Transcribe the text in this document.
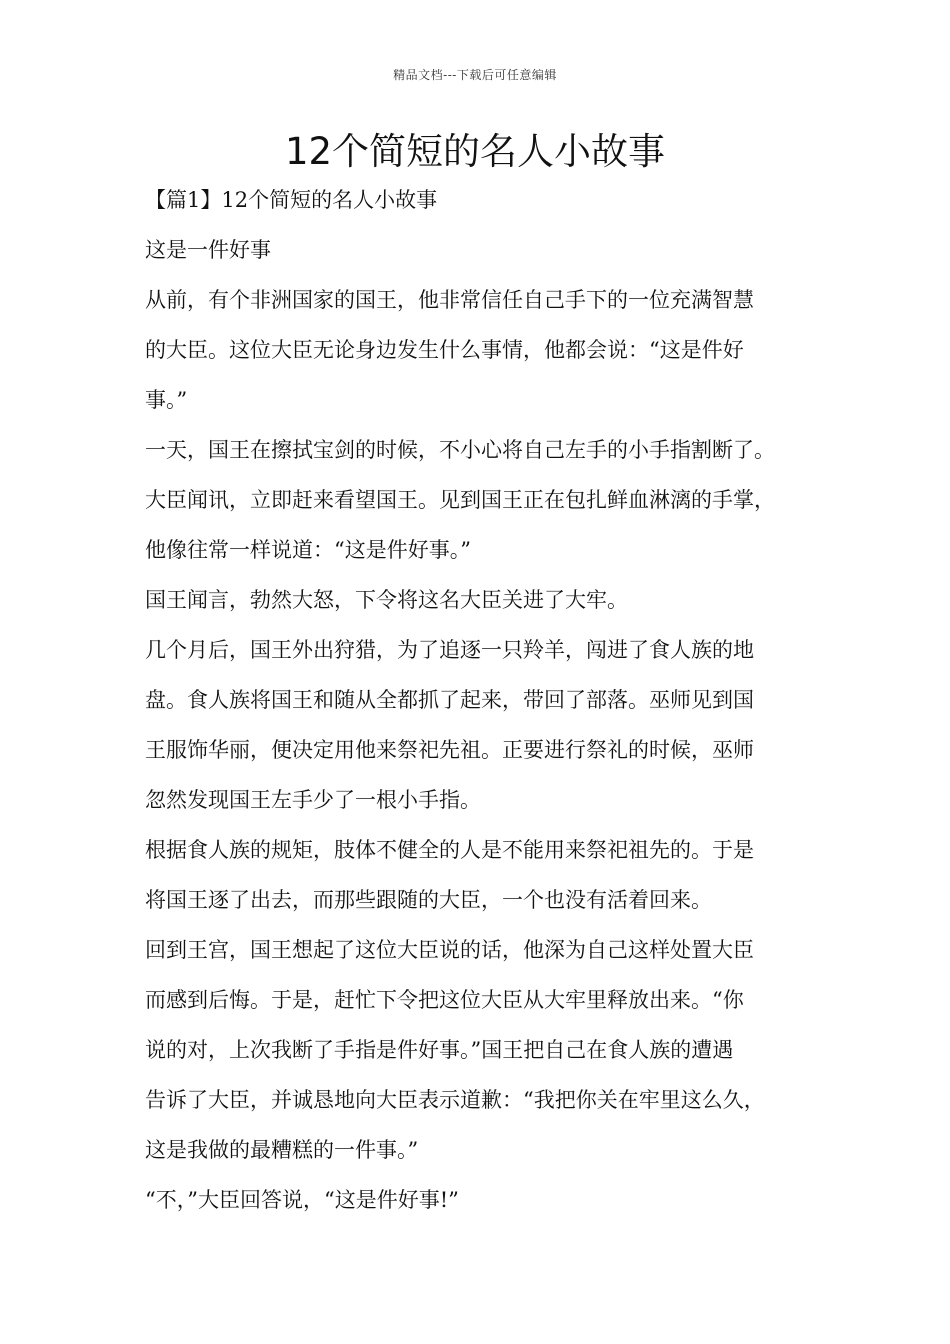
精品文档---下载后可任意编辑
12个简短的名人小故事
【篇1】12个简短的名人小故事
这是一件好事
从前，有个非洲国家的国王，他非常信任自己手下的一位充满智慧
的大臣。这位大臣无论身边发生什么事情，他都会说：“这是件好
事。”
一天，国王在擦拭宝剑的时候，不小心将自己左手的小手指割断了。
大臣闻讯，立即赶来看望国王。见到国王正在包扎鲜血淋漓的手掌，
他像往常一样说道：“这是件好事。”
国王闻言，勃然大怒，下令将这名大臣关进了大牢。
几个月后，国王外出狩猎，为了追逐一只羚羊，闯进了食人族的地
盘。食人族将国王和随从全都抓了起来，带回了部落。巫师见到国
王服饰华丽，便决定用他来祭祀先祖。正要进行祭礼的时候，巫师
忽然发现国王左手少了一根小手指。
根据食人族的规矩，肢体不健全的人是不能用来祭祀祖先的。于是
将国王逐了出去，而那些跟随的大臣，一个也没有活着回来。
回到王宫，国王想起了这位大臣说的话，他深为自己这样处置大臣
而感到后悔。于是，赶忙下令把这位大臣从大牢里释放出来。“你
说的对，上次我断了手指是件好事。”国王把自己在食人族的遭遇
告诉了大臣，并诚恳地向大臣表示道歉：“我把你关在牢里这么久，
这是我做的最糟糕的一件事。”
“不，”大臣回答说，“这是件好事!”
